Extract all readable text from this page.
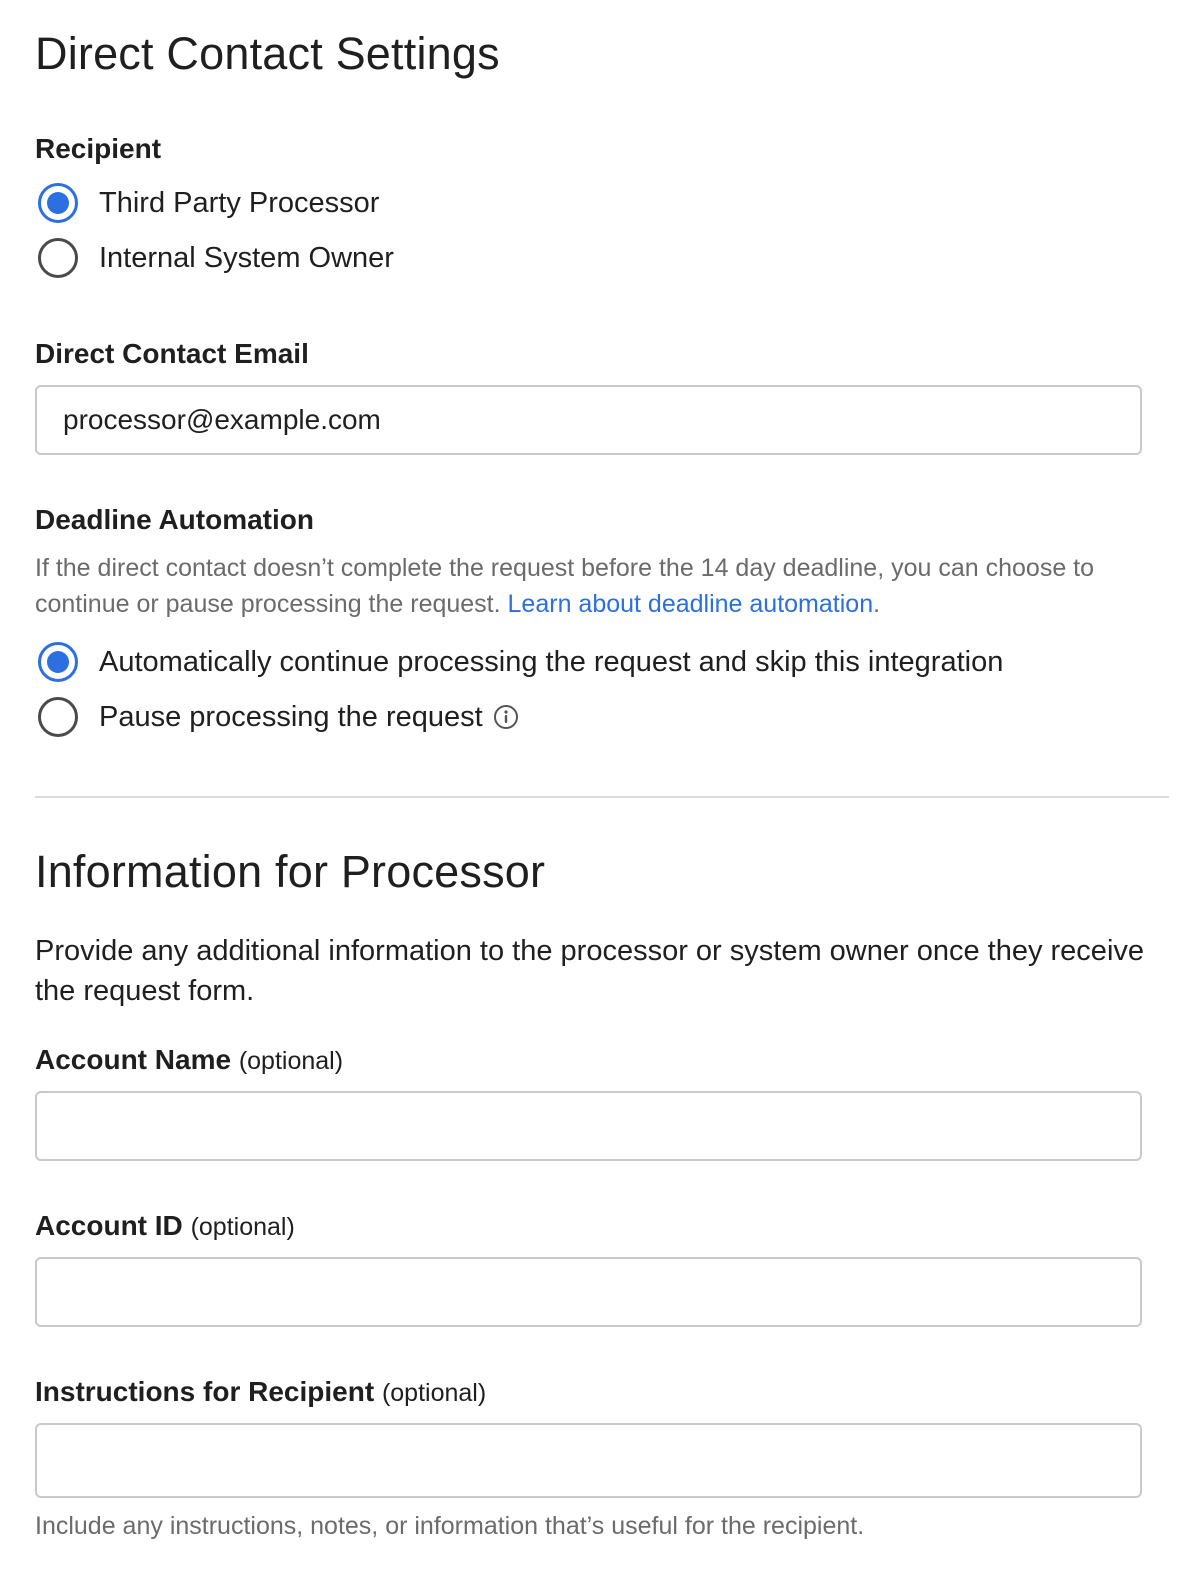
Direct Contact Settings
Recipient
Third Party Processor
Internal System Owner
Direct Contact Email
processor@example.com
Deadline Automation
If the direct contact doesn’t complete the request before the 14 day deadline, you can choose to continue or pause processing the request. Learn about deadline automation.
Automatically continue processing the request and skip this integration
Pause processing the request
Information for Processor

Provide any additional information to the processor or system owner once they receive the request form.

Account Name (optional)
Account ID (optional)
Instructions for Recipient (optional)
Include any instructions, notes, or information that’s useful for the recipient.
